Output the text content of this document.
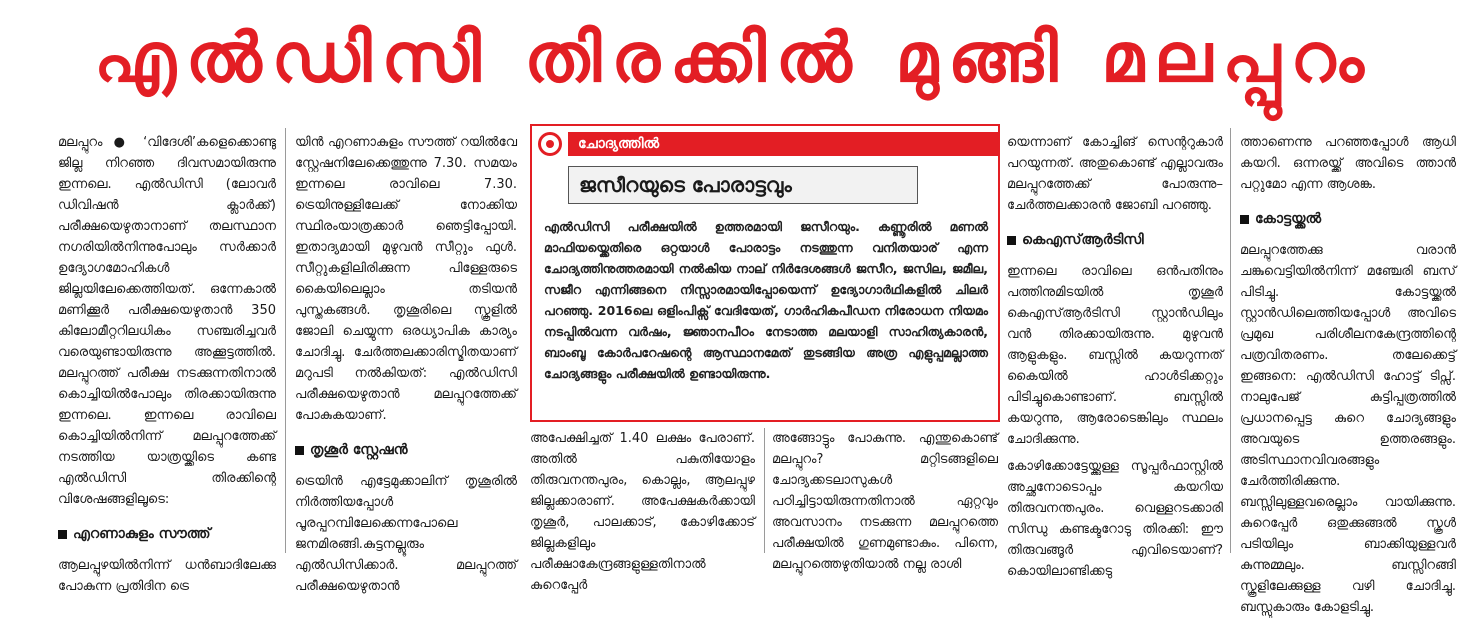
എൽഡിസി തിരക്കിൽ മുങ്ങി മലപ്പുറം

മലപ്പുറം ● ‘വിദേശി’കളെക്കൊണ്ടു ജില്ല നിറഞ്ഞ ദിവസമായിരുന്നു ഇന്നലെ. എൽഡിസി (ലോവർ ഡിവിഷൻ ക്ലാർക്ക്) പരീക്ഷയെഴുതാനാണ് തലസ്ഥാന നഗരിയിൽനിന്നുപോലും സർക്കാർ ഉദ്യോഗമോഹികൾ ജില്ലയിലേക്കെത്തിയത്. ഒന്നേകാൽ മണിക്കൂർ പരീക്ഷയെഴുതാൻ 350 കിലോമീറ്ററിലധികം സഞ്ചരിച്ചവർ വരെയുണ്ടായിരുന്നു അക്കൂട്ടത്തിൽ. മലപ്പുറത്ത് പരീക്ഷ നടക്കുന്നതിനാൽ കൊച്ചിയിൽപോലും തിരക്കായിരുന്നു ഇന്നലെ. ഇന്നലെ രാവിലെ കൊച്ചിയിൽനിന്ന് മലപ്പുറത്തേക്ക് നടത്തിയ യാത്രയ്ക്കിടെ കണ്ട എൽഡിസി തിരക്കിന്റെ വിശേഷങ്ങളിലൂടെ:

എറണാകുളം സൗത്ത്

ആലപ്പുഴയിൽനിന്ന് ധൻബാദിലേക്കു പോകുന്ന പ്രതിദിന ട്രെ

യിൻ എറണാകുളം സൗത്ത് റയിൽവേ സ്റ്റേഷനിലേക്കെത്തുന്നു 7.30. സമയം ഇന്നലെ രാവിലെ 7.30. ട്രെയിനുള്ളിലേക്ക് നോക്കിയ സ്ഥിരംയാത്രക്കാർ ഞെട്ടിപ്പോയി. ഇതാദ്യമായി മുഴുവൻ സീറ്റും ഫുൾ. സീറ്റുകളിലിരിക്കുന്ന പിള്ളേരുടെ കൈയിലെല്ലാം തടിയൻ പുസ്തകങ്ങൾ. തൃശൂരിലെ സ്കൂളിൽ ജോലി ചെയ്യുന്ന ഒരധ്യാപിക കാര്യം ചോദിച്ചു. ചേർത്തലക്കാരിസ്മിതയാണ് മറുപടി നൽകിയത്: എൽഡിസി പരീക്ഷയെഴുതാൻ മലപ്പുറത്തേക്ക് പോകുകയാണ്.

തൃശൂർ സ്റ്റേഷൻ

ട്രെയിൻ എട്ടേമുക്കാലിന് തൃശൂരിൽ നിർത്തിയപ്പോൾ പൂരപ്പറമ്പിലേക്കെന്നപോലെ ജനമിരങ്ങി.കുട്ടനല്ലൂരും എൽഡിസിക്കാർ. മലപ്പുറത്ത് പരീക്ഷയെഴുതാൻ

ചോദ്യത്തിൽ
ജസീറയുടെ പോരാട്ടവും
എൽഡിസി പരീക്ഷയിൽ ഉത്തരമായി ജസീറയും. കണ്ണൂരിൽ മണൽ മാഫിയയ്ക്കെതിരെ ഒറ്റയാൾ പോരാട്ടം നടത്തുന്ന വനിതയാര് എന്ന ചോദ്യത്തിനുത്തരമായി നൽകിയ നാല് നിർദേശങ്ങൾ ജസീറ, ജസില, ജമീല, സജീറ എന്നിങ്ങനെ നിസ്സാരമായിപ്പോയെന്ന് ഉദ്യോഗാർഥികളിൽ ചിലർ പറഞ്ഞു. 2016ലെ ഒളിംപിക്സ് വേദിയേത്, ഗാർഹികപീഡന നിരോധന നിയമം നടപ്പിൽവന്ന വർഷം, ജ്ഞാനപീഠം നേടാത്ത മലയാളി സാഹിത്യകാരൻ, ബാംബൂ കോർപറേഷന്റെ ആസ്ഥാനമേത് തുടങ്ങിയ അത്ര എളുപ്പമല്ലാത്ത ചോദ്യങ്ങളും പരീക്ഷയിൽ ഉണ്ടായിരുന്നു.

അപേക്ഷിച്ചത് 1.40 ലക്ഷം പേരാണ്. അതിൽ പകുതിയോളം തിരുവനന്തപുരം, കൊല്ലം, ആലപ്പുഴ ജില്ലക്കാരാണ്. അപേക്ഷകർക്കായി തൃശൂർ, പാലക്കാട്, കോഴിക്കോട് ജില്ലകളിലും പരീക്ഷാകേന്ദ്രങ്ങളുള്ളതിനാൽ കുറെപ്പേർ

അങ്ങോട്ടും പോകുന്നു. എന്തുകൊണ്ട് മലപ്പുറം? മറ്റിടങ്ങളിലെ ചോദ്യക്കടലാസുകൾ പഠിച്ചിട്ടായിരുന്നതിനാൽ ഏറ്റവും അവസാനം നടക്കുന്ന മലപ്പുറത്തെ പരീക്ഷയിൽ ഗുണമുണ്ടാകും. പിന്നെ, മലപ്പുറത്തെഴുതിയാൽ നല്ല രാശി

യെന്നാണ് കോച്ചിങ് സെന്ററുകാർ പറയുന്നത്. അതുകൊണ്ട് എല്ലാവരും മലപ്പുറത്തേക്ക് പോരുന്നു–ചേർത്തലക്കാരൻ ജോബി പറഞ്ഞു.

കെഎസ്ആർടിസി

ഇന്നലെ രാവിലെ ഒൻപതിനും പത്തിനുമിടയിൽ തൃശൂർ കെഎസ്ആർടിസി സ്റ്റാൻഡിലും വൻ തിരക്കായിരുന്നു. മുഴുവൻ ആളുകളും. ബസ്സിൽ കയറുന്നത് കൈയിൽ ഹാൾടിക്കറ്റും പിടിച്ചുകൊണ്ടാണ്. ബസ്സിൽ കയറുന്നു, ആരോടെങ്കിലും സ്ഥലം ചോദിക്കുന്നു.

കോഴിക്കോട്ടേയ്ക്കുള്ള സൂപ്പർഫാസ്റ്റിൽ അച്ഛനോടൊപ്പം കയറിയ തിരുവനന്തപുരം. വെള്ളറടക്കാരി സിന്ധു കണ്ടക്ടറോടു തിരക്കി: ഈ തിരുവങ്ങൂർ എവിടെയാണ്? കൊയിലാണ്ടിക്കടു

ത്താണെന്നു പറഞ്ഞപ്പോൾ ആധി കയറി. ഒന്നരയ്ക്ക് അവിടെ ത്താൻ പറ്റുമോ എന്ന ആശങ്ക.

കോട്ടയ്ക്കൽ

മലപ്പുറത്തേക്കു വരാൻ ചങ്കുവെട്ടിയിൽനിന്ന് മഞ്ചേരി ബസ് പിടിച്ചു. കോട്ടയ്ക്കൽ സ്റ്റാൻഡിലെത്തിയപ്പോൾ അവിടെ പ്രമുഖ പരിശീലനകേന്ദ്രത്തിന്റെ പത്രവിതരണം. തലേക്കെട്ട് ഇങ്ങനെ: എൽഡിസി ഹോട്ട് ടിപ്സ്. നാലുപേജ് കുട്ടിപ്പത്രത്തിൽ പ്രധാനപ്പെട്ട കുറെ ചോദ്യങ്ങളും അവയുടെ ഉത്തരങ്ങളും. അടിസ്ഥാനവിവരങ്ങളും ചേർത്തിരിക്കുന്നു. ബസ്സിലുള്ളവരെല്ലാം വായിക്കുന്നു. കുറെപ്പേർ ഒതുക്കുങ്ങൽ സ്കൂൾ പടിയിലും ബാക്കിയുള്ളവർ കുന്നുമ്മലും. ബസ്സിറങ്ങി സ്കൂളിലേക്കുള്ള വഴി ചോദിച്ചു. ബസ്സുകാരും കോളടിച്ചു.
